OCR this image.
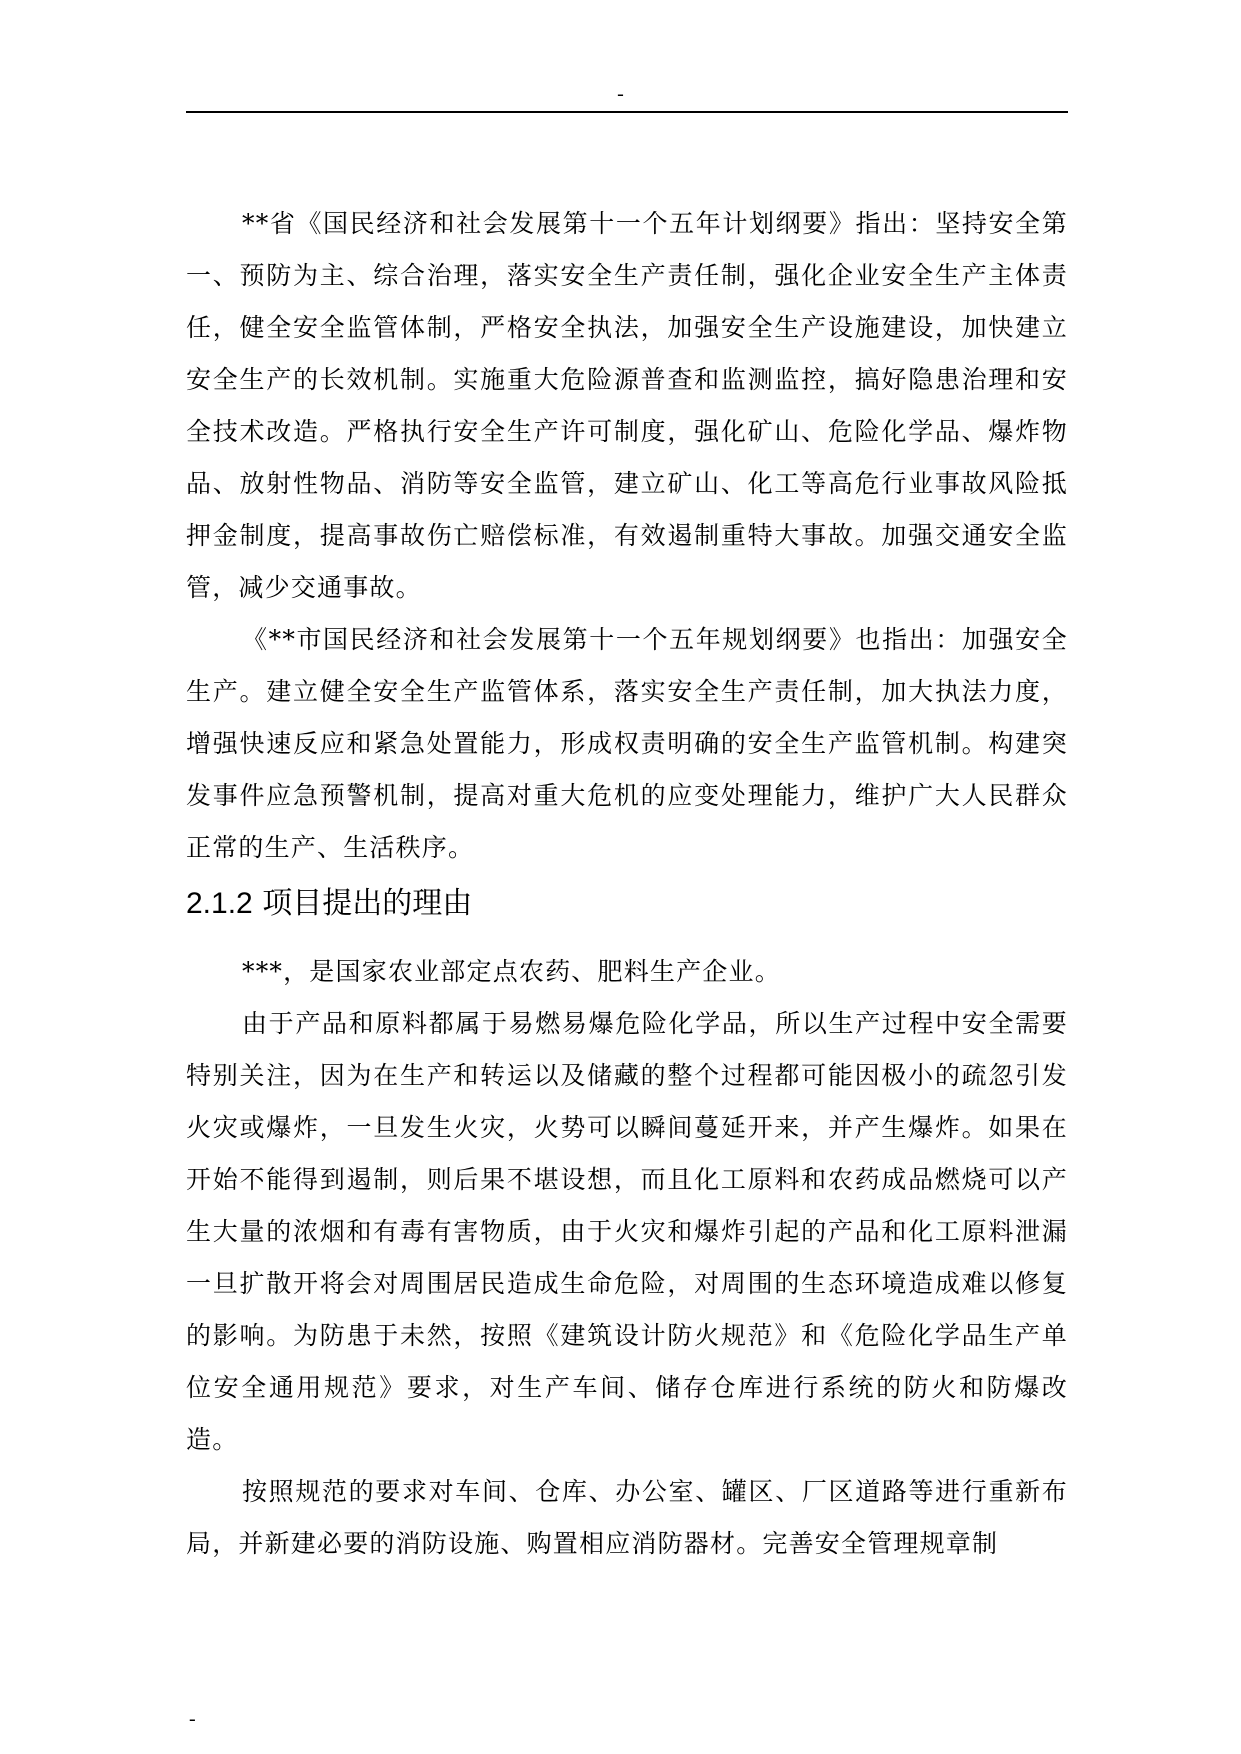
-

**省《国民经济和社会发展第十一个五年计划纲要》指出：坚持安全第一、预防为主、综合治理，落实安全生产责任制，强化企业安全生产主体责任，健全安全监管体制，严格安全执法，加强安全生产设施建设，加快建立安全生产的长效机制。实施重大危险源普查和监测监控，搞好隐患治理和安全技术改造。严格执行安全生产许可制度，强化矿山、危险化学品、爆炸物品、放射性物品、消防等安全监管，建立矿山、化工等高危行业事故风险抵押金制度，提高事故伤亡赔偿标准，有效遏制重特大事故。加强交通安全监管，减少交通事故。

《**市国民经济和社会发展第十一个五年规划纲要》也指出：加强安全生产。建立健全安全生产监管体系，落实安全生产责任制，加大执法力度，增强快速反应和紧急处置能力，形成权责明确的安全生产监管机制。构建突发事件应急预警机制，提高对重大危机的应变处理能力，维护广大人民群众正常的生产、生活秩序。

2.1.2 项目提出的理由

***，是国家农业部定点农药、肥料生产企业。

由于产品和原料都属于易燃易爆危险化学品，所以生产过程中安全需要特别关注，因为在生产和转运以及储藏的整个过程都可能因极小的疏忽引发火灾或爆炸，一旦发生火灾，火势可以瞬间蔓延开来，并产生爆炸。如果在开始不能得到遏制，则后果不堪设想，而且化工原料和农药成品燃烧可以产生大量的浓烟和有毒有害物质，由于火灾和爆炸引起的产品和化工原料泄漏一旦扩散开将会对周围居民造成生命危险，对周围的生态环境造成难以修复的影响。为防患于未然，按照《建筑设计防火规范》和《危险化学品生产单位安全通用规范》要求，对生产车间、储存仓库进行系统的防火和防爆改造。

按照规范的要求对车间、仓库、办公室、罐区、厂区道路等进行重新布局，并新建必要的消防设施、购置相应消防器材。完善安全管理规章制

-
